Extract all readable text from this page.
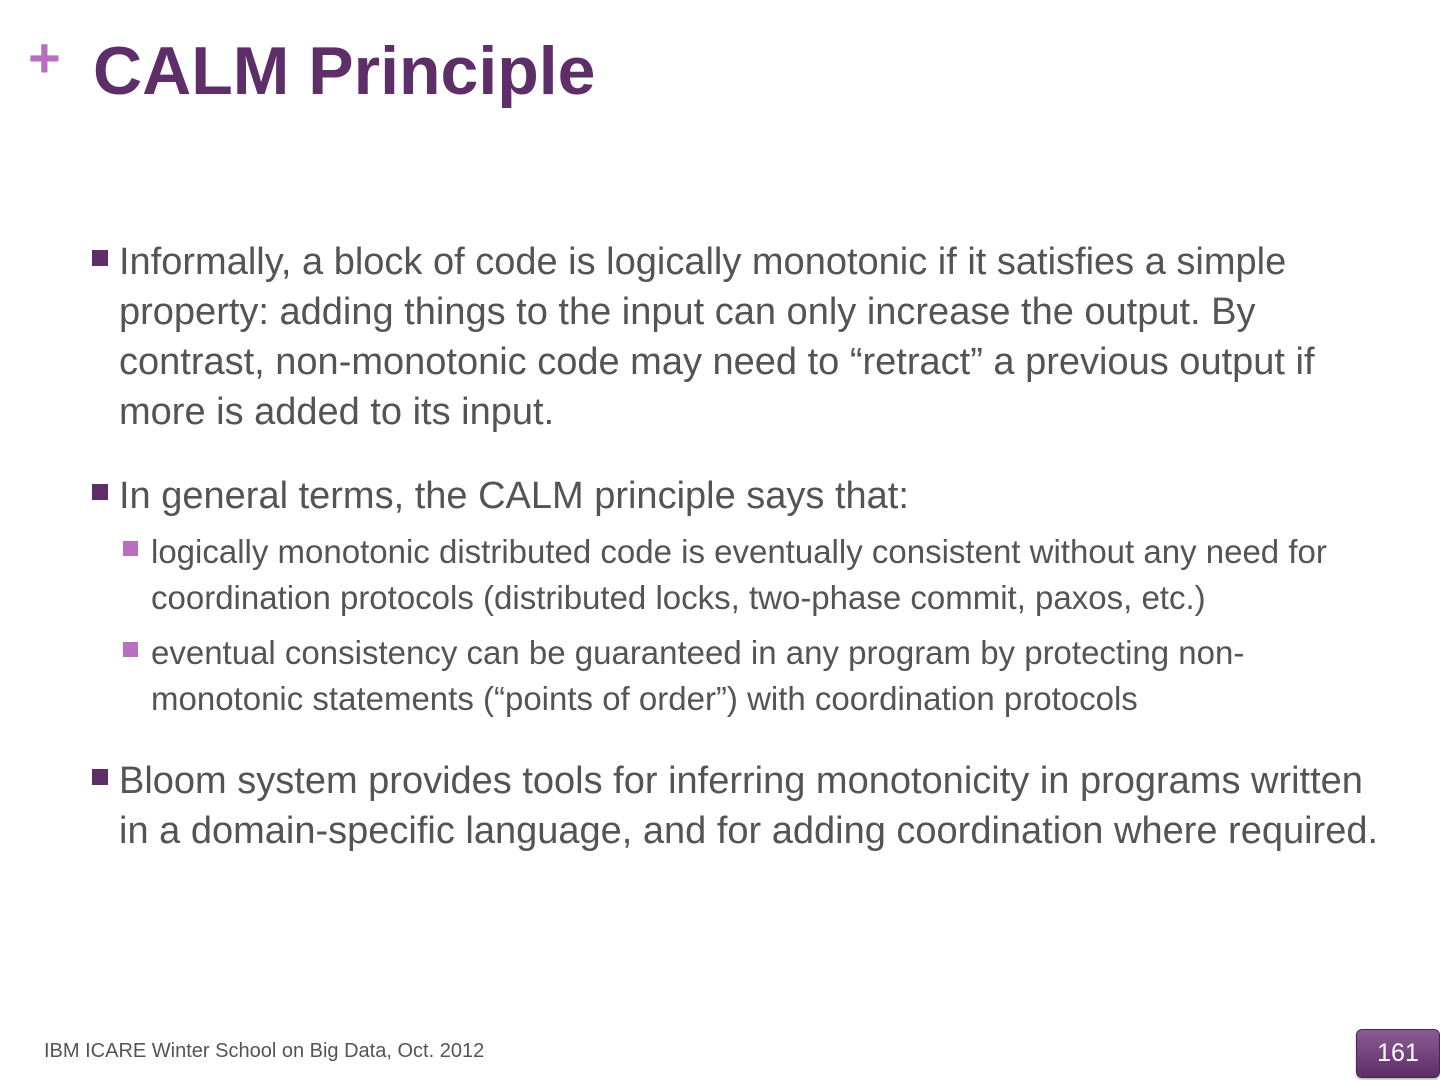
+ CALM Principle
Informally, a block of code is logically monotonic if it satisfies a simple property: adding things to the input can only increase the output. By contrast, non-monotonic code may need to “retract” a previous output if more is added to its input.
In general terms, the CALM principle says that:
logically monotonic distributed code is eventually consistent without any need for coordination protocols (distributed locks, two-phase commit, paxos, etc.)
eventual consistency can be guaranteed in any program by protecting non-monotonic statements (“points of order”) with coordination protocols
Bloom system provides tools for inferring monotonicity in programs written in a domain-specific language, and for adding coordination where required.
IBM ICARE Winter School on Big Data, Oct. 2012	161
